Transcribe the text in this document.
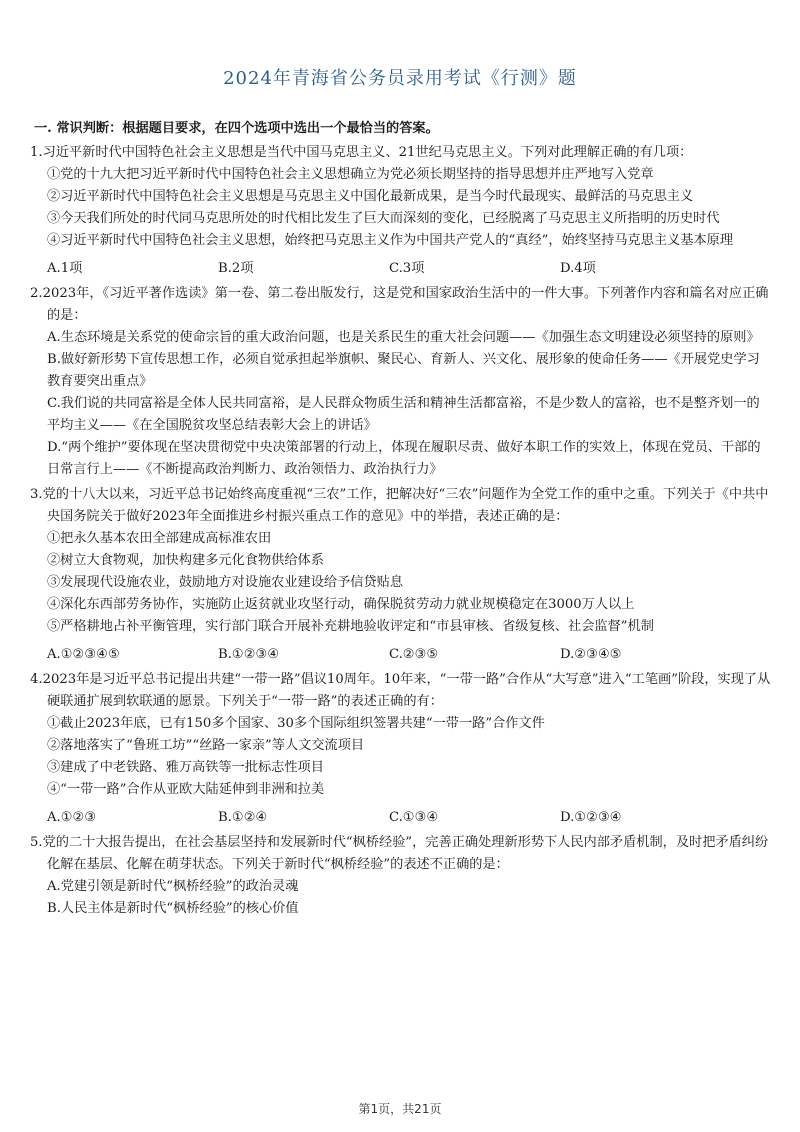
2024年青海省公务员录用考试《行测》题
一. 常识判断：根据题目要求，在四个选项中选出一个最恰当的答案。
1.习近平新时代中国特色社会主义思想是当代中国马克思主义、21世纪马克思主义。下列对此理解正确的有几项：
①党的十九大把习近平新时代中国特色社会主义思想确立为党必须长期坚持的指导思想并庄严地写入党章
②习近平新时代中国特色社会主义思想是马克思主义中国化最新成果，是当今时代最现实、最鲜活的马克思主义
③今天我们所处的时代同马克思所处的时代相比发生了巨大而深刻的变化，已经脱离了马克思主义所指明的历史时代
④习近平新时代中国特色社会主义思想，始终把马克思主义作为中国共产党人的“真经”，始终坚持马克思主义基本原理
A.1项	B.2项	C.3项	D.4项
2.2023年，《习近平著作选读》第一卷、第二卷出版发行，这是党和国家政治生活中的一件大事。下列著作内容和篇名对应正确的是：
A.生态环境是关系党的使命宗旨的重大政治问题，也是关系民生的重大社会问题——《加强生态文明建设必须坚持的原则》
B.做好新形势下宣传思想工作，必须自觉承担起举旗帜、聚民心、育新人、兴文化、展形象的使命任务——《开展党史学习教育要突出重点》
C.我们说的共同富裕是全体人民共同富裕，是人民群众物质生活和精神生活都富裕，不是少数人的富裕，也不是整齐划一的平均主义——《在全国脱贫攻坚总结表彰大会上的讲话》
D.“两个维护”要体现在坚决贯彻党中央决策部署的行动上，体现在履职尽责、做好本职工作的实效上，体现在党员、干部的日常言行上——《不断提高政治判断力、政治领悟力、政治执行力》
3.党的十八大以来，习近平总书记始终高度重视“三农”工作，把解决好“三农”问题作为全党工作的重中之重。下列关于《中共中央国务院关于做好2023年全面推进乡村振兴重点工作的意见》中的举措，表述正确的是：
①把永久基本农田全部建成高标准农田
②树立大食物观，加快构建多元化食物供给体系
③发展现代设施农业，鼓励地方对设施农业建设给予信贷贴息
④深化东西部劳务协作，实施防止返贫就业攻坚行动，确保脱贫劳动力就业规模稳定在3000万人以上
⑤严格耕地占补平衡管理，实行部门联合开展补充耕地验收评定和“市县审核、省级复核、社会监督”机制
A.①②③④⑤	B.①②③④	C.②③⑤	D.②③④⑤
4.2023年是习近平总书记提出共建“一带一路”倡议10周年。10年来，“一带一路”合作从“大写意”进入“工笔画”阶段，实现了从硬联通扩展到软联通的愿景。下列关于“一带一路”的表述正确的有：
①截止2023年底，已有150多个国家、30多个国际组织签署共建“一带一路”合作文件
②落地落实了“鲁班工坊”“丝路一家亲”等人文交流项目
③建成了中老铁路、雅万高铁等一批标志性项目
④“一带一路”合作从亚欧大陆延伸到非洲和拉美
A.①②③	B.①②④	C.①③④	D.①②③④
5.党的二十大报告提出，在社会基层坚持和发展新时代“枫桥经验”，完善正确处理新形势下人民内部矛盾机制，及时把矛盾纠纷化解在基层、化解在萌芽状态。下列关于新时代“枫桥经验”的表述不正确的是：
A.党建引领是新时代“枫桥经验”的政治灵魂
B.人民主体是新时代“枫桥经验”的核心价值
第1页，共21页
